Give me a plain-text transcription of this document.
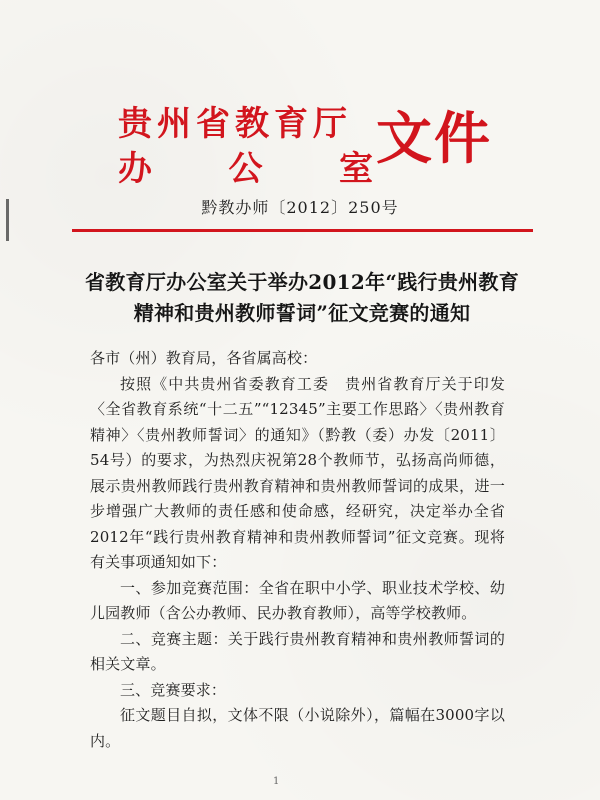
贵州省教育厅
办 公 室 文件
黔教办师〔2012〕250号
省教育厅办公室关于举办2012年“践行贵州教育精神和贵州教师誓词”征文竞赛的通知

各市（州）教育局，各省属高校：

按照《中共贵州省委教育工委　贵州省教育厅关于印发〈全省教育系统“十二五”“12345”主要工作思路〉〈贵州教育精神〉〈贵州教师誓词〉的通知》（黔教（委）办发〔2011〕54号）的要求，为热烈庆祝第28个教师节，弘扬高尚师德，展示贵州教师践行贵州教育精神和贵州教师誓词的成果，进一步增强广大教师的责任感和使命感，经研究，决定举办全省2012年“践行贵州教育精神和贵州教师誓词”征文竞赛。现将有关事项通知如下：

一、参加竞赛范围：全省在职中小学、职业技术学校、幼儿园教师（含公办教师、民办教育教师），高等学校教师。

二、竞赛主题：关于践行贵州教育精神和贵州教师誓词的相关文章。

三、竞赛要求：

征文题目自拟，文体不限（小说除外），篇幅在3000字以内。

1
